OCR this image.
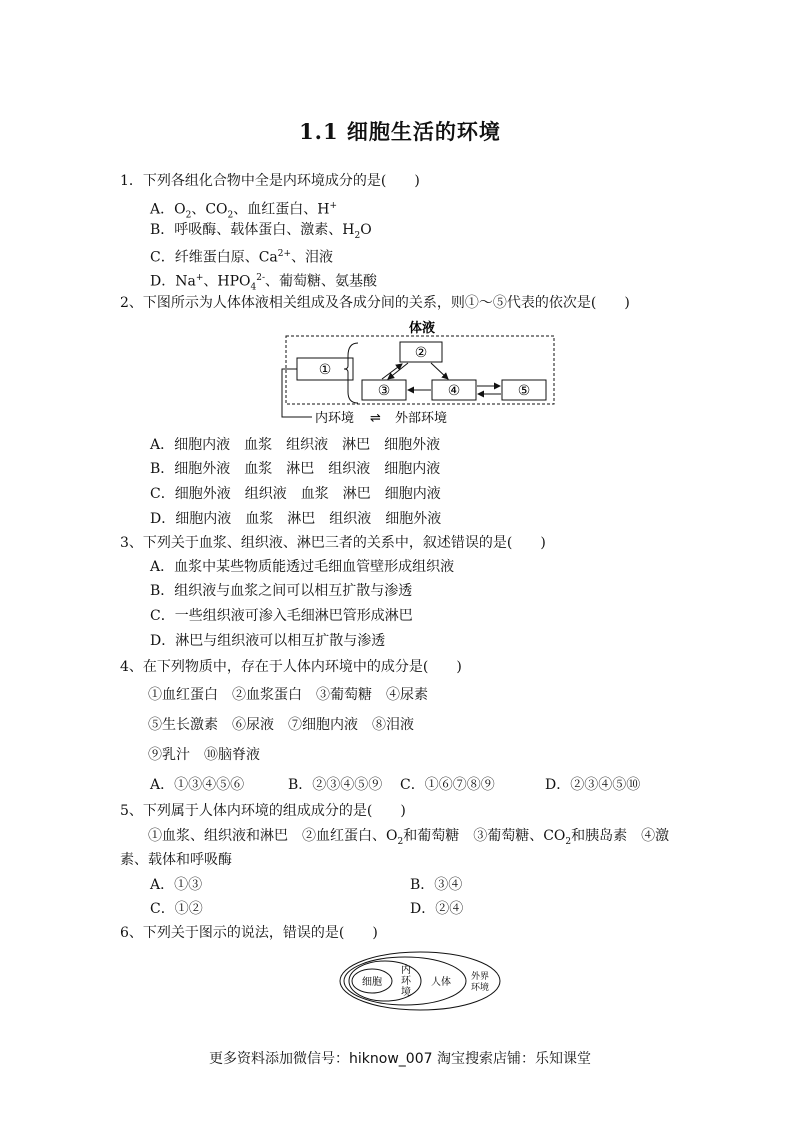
1.1 细胞生活的环境
1．下列各组化合物中全是内环境成分的是(　　)
A．$O_2$、$CO_2$、血红蛋白、H+
B．呼吸酶、载体蛋白、激素、$H_2O$
C．纤维蛋白原、$Ca^{2+}$、泪液
D．Na+、$HPO_4^{2-}$、葡萄糖、氨基酸
2、下图所示为人体体液相关组成及各成分间的关系，则①～⑤代表的依次是(　　)
体液
①
②
③	④	⑤
内环境 ⇌ 外部环境
A．细胞内液　血浆　组织液　淋巴　细胞外液
B．细胞外液　血浆　淋巴　组织液　细胞内液
C．细胞外液　组织液　血浆　淋巴　细胞内液
D．细胞内液　血浆　淋巴　组织液　细胞外液
3、下列关于血浆、组织液、淋巴三者的关系中，叙述错误的是(　　)
A．血浆中某些物质能透过毛细血管壁形成组织液
B．组织液与血浆之间可以相互扩散与渗透
C．一些组织液可渗入毛细淋巴管形成淋巴
D．淋巴与组织液可以相互扩散与渗透
4、在下列物质中，存在于人体内环境中的成分是(　　)
①血红蛋白　②血浆蛋白　③葡萄糖　④尿素
⑤生长激素　⑥尿液　⑦细胞内液　⑧泪液
⑨乳汁　⑩脑脊液
A．①③④⑤⑥	B．②③④⑤⑨ C．①⑥⑦⑧⑨	D．②③④⑤⑩
5、下列属于人体内环境的组成成分的是(　　)
①血浆、组织液和淋巴　②血红蛋白、$O_2$和葡萄糖　③葡萄糖、$CO_2$和胰岛素　④激
素、载体和呼吸酶
A．①③	B．③④
C．①②	D．②④
6、下列关于图示的说法，错误的是(　　)
细胞
内
环
境
人体 外界
环境
更多资料添加微信号：hiknow_007 淘宝搜索店铺：乐知课堂
